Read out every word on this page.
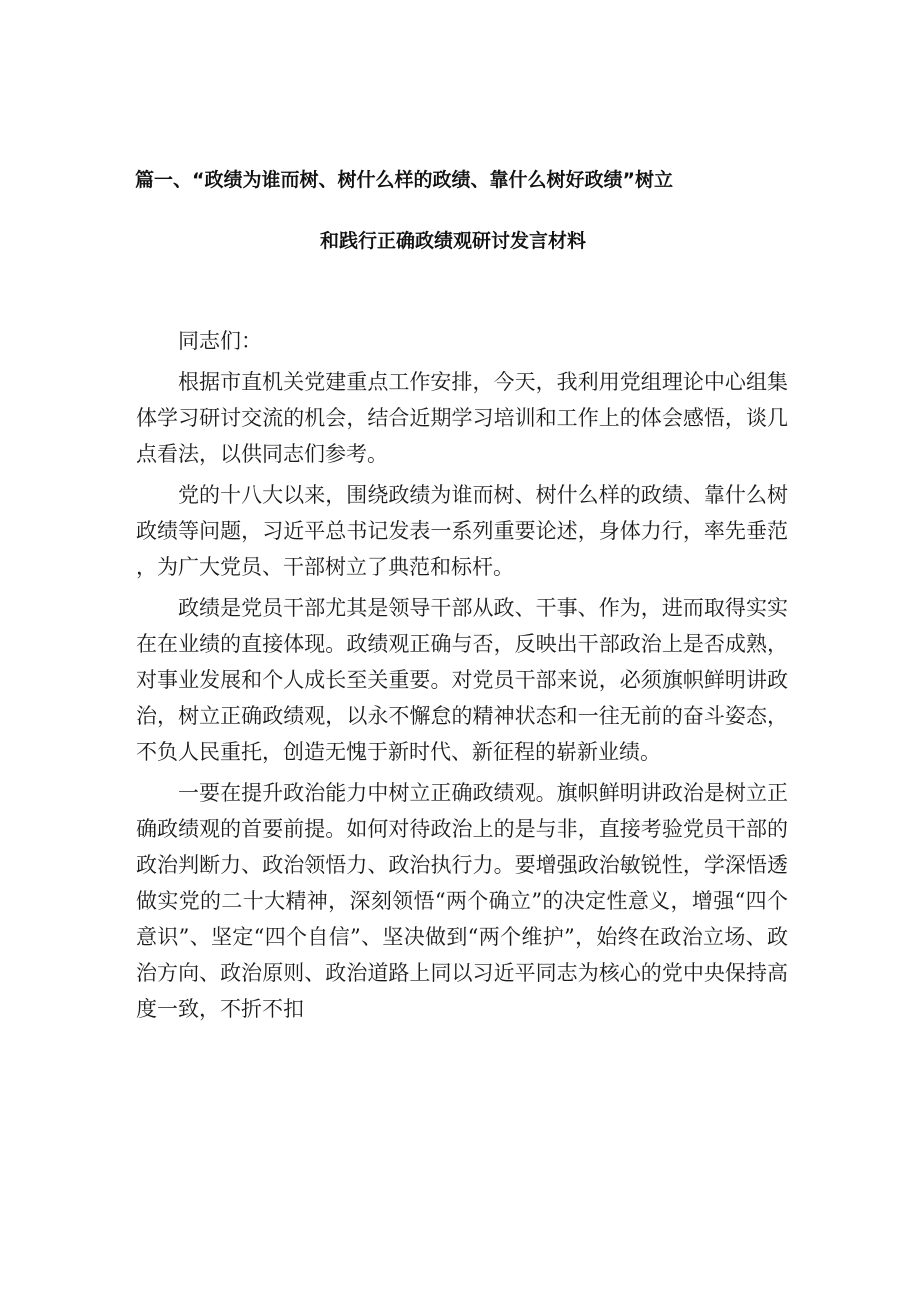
篇一、“政绩为谁而树、树什么样的政绩、靠什么树好政绩”树立
和践行正确政绩观研讨发言材料

同志们：

根据市直机关党建重点工作安排，今天，我利用党组理论中心组集体学习研讨交流的机会，结合近期学习培训和工作上的体会感悟，谈几点看法，以供同志们参考。

党的十八大以来，围绕政绩为谁而树、树什么样的政绩、靠什么树政绩等问题，习近平总书记发表一系列重要论述，身体力行，率先垂范，为广大党员、干部树立了典范和标杆。

政绩是党员干部尤其是领导干部从政、干事、作为，进而取得实实在在业绩的直接体现。政绩观正确与否，反映出干部政治上是否成熟，对事业发展和个人成长至关重要。对党员干部来说，必须旗帜鲜明讲政治，树立正确政绩观，以永不懈怠的精神状态和一往无前的奋斗姿态，不负人民重托，创造无愧于新时代、新征程的崭新业绩。

一要在提升政治能力中树立正确政绩观。旗帜鲜明讲政治是树立正确政绩观的首要前提。如何对待政治上的是与非，直接考验党员干部的政治判断力、政治领悟力、政治执行力。要增强政治敏锐性，学深悟透做实党的二十大精神，深刻领悟“两个确立”的决定性意义，增强“四个意识”、坚定“四个自信”、坚决做到“两个维护”，始终在政治立场、政治方向、政治原则、政治道路上同以习近平同志为核心的党中央保持高度一致，不折不扣
